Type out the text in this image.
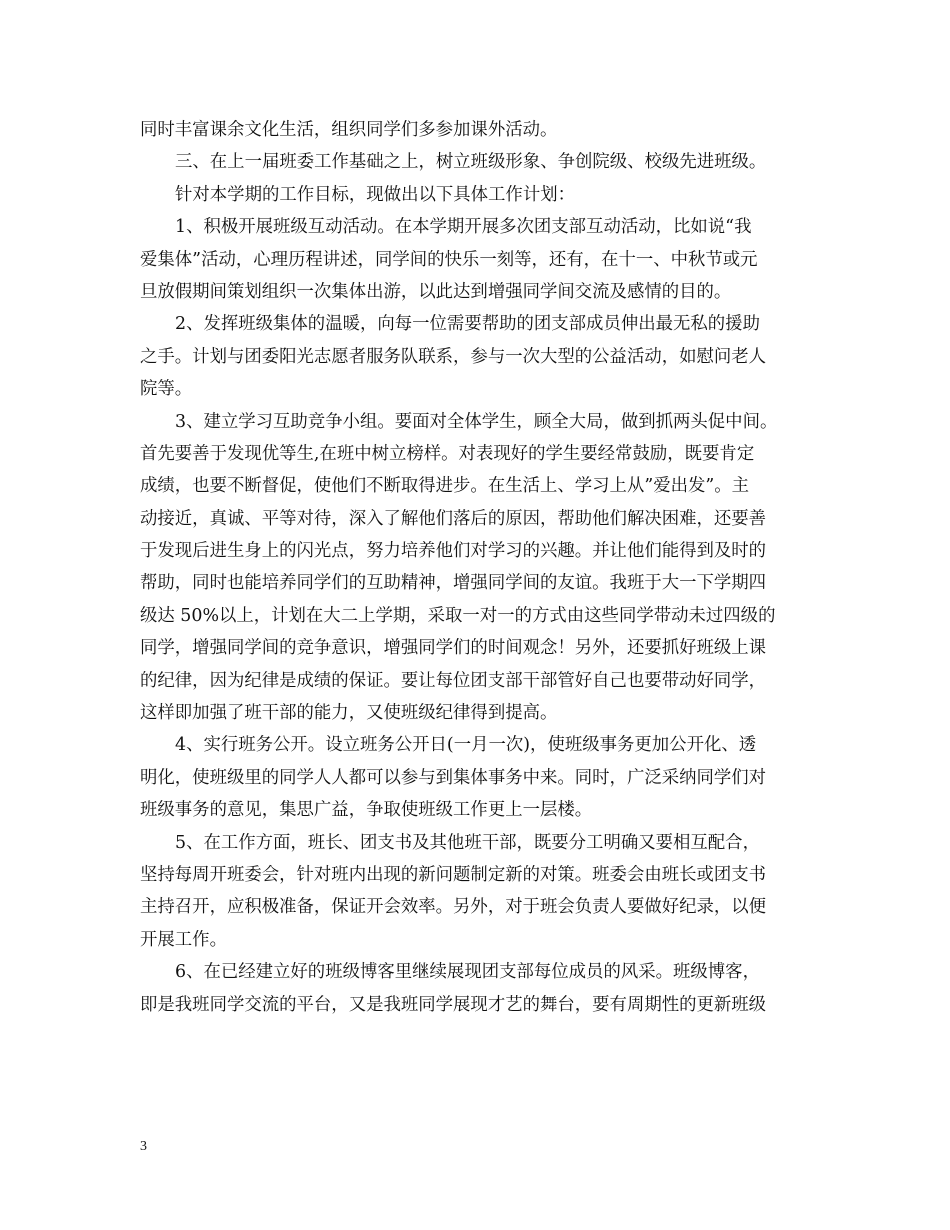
同时丰富课余文化生活，组织同学们多参加课外活动。
三、在上一届班委工作基础之上，树立班级形象、争创院级、校级先进班级。
针对本学期的工作目标，现做出以下具体工作计划：
1、积极开展班级互动活动。在本学期开展多次团支部互动活动，比如说“我
爱集体”活动，心理历程讲述，同学间的快乐一刻等，还有，在十一、中秋节或元
旦放假期间策划组织一次集体出游，以此达到增强同学间交流及感情的目的。
2、发挥班级集体的温暖，向每一位需要帮助的团支部成员伸出最无私的援助
之手。计划与团委阳光志愿者服务队联系，参与一次大型的公益活动，如慰问老人
院等。
3、建立学习互助竞争小组。要面对全体学生，顾全大局，做到抓两头促中间。
首先要善于发现优等生,在班中树立榜样。对表现好的学生要经常鼓励，既要肯定
成绩，也要不断督促，使他们不断取得进步。在生活上、学习上从”爱出发”。主
动接近，真诚、平等对待，深入了解他们落后的原因，帮助他们解决困难，还要善
于发现后进生身上的闪光点，努力培养他们对学习的兴趣。并让他们能得到及时的
帮助，同时也能培养同学们的互助精神，增强同学间的友谊。我班于大一下学期四
级达 50%以上，计划在大二上学期，采取一对一的方式由这些同学带动未过四级的
同学，增强同学间的竞争意识，增强同学们的时间观念！另外，还要抓好班级上课
的纪律，因为纪律是成绩的保证。要让每位团支部干部管好自己也要带动好同学，
这样即加强了班干部的能力，又使班级纪律得到提高。
4、实行班务公开。设立班务公开日(一月一次)，使班级事务更加公开化、透
明化，使班级里的同学人人都可以参与到集体事务中来。同时，广泛采纳同学们对
班级事务的意见，集思广益，争取使班级工作更上一层楼。
5、在工作方面，班长、团支书及其他班干部，既要分工明确又要相互配合，
坚持每周开班委会，针对班内出现的新问题制定新的对策。班委会由班长或团支书
主持召开，应积极准备，保证开会效率。另外，对于班会负责人要做好纪录，以便
开展工作。
6、在已经建立好的班级博客里继续展现团支部每位成员的风采。班级博客，
即是我班同学交流的平台，又是我班同学展现才艺的舞台，要有周期性的更新班级
3
